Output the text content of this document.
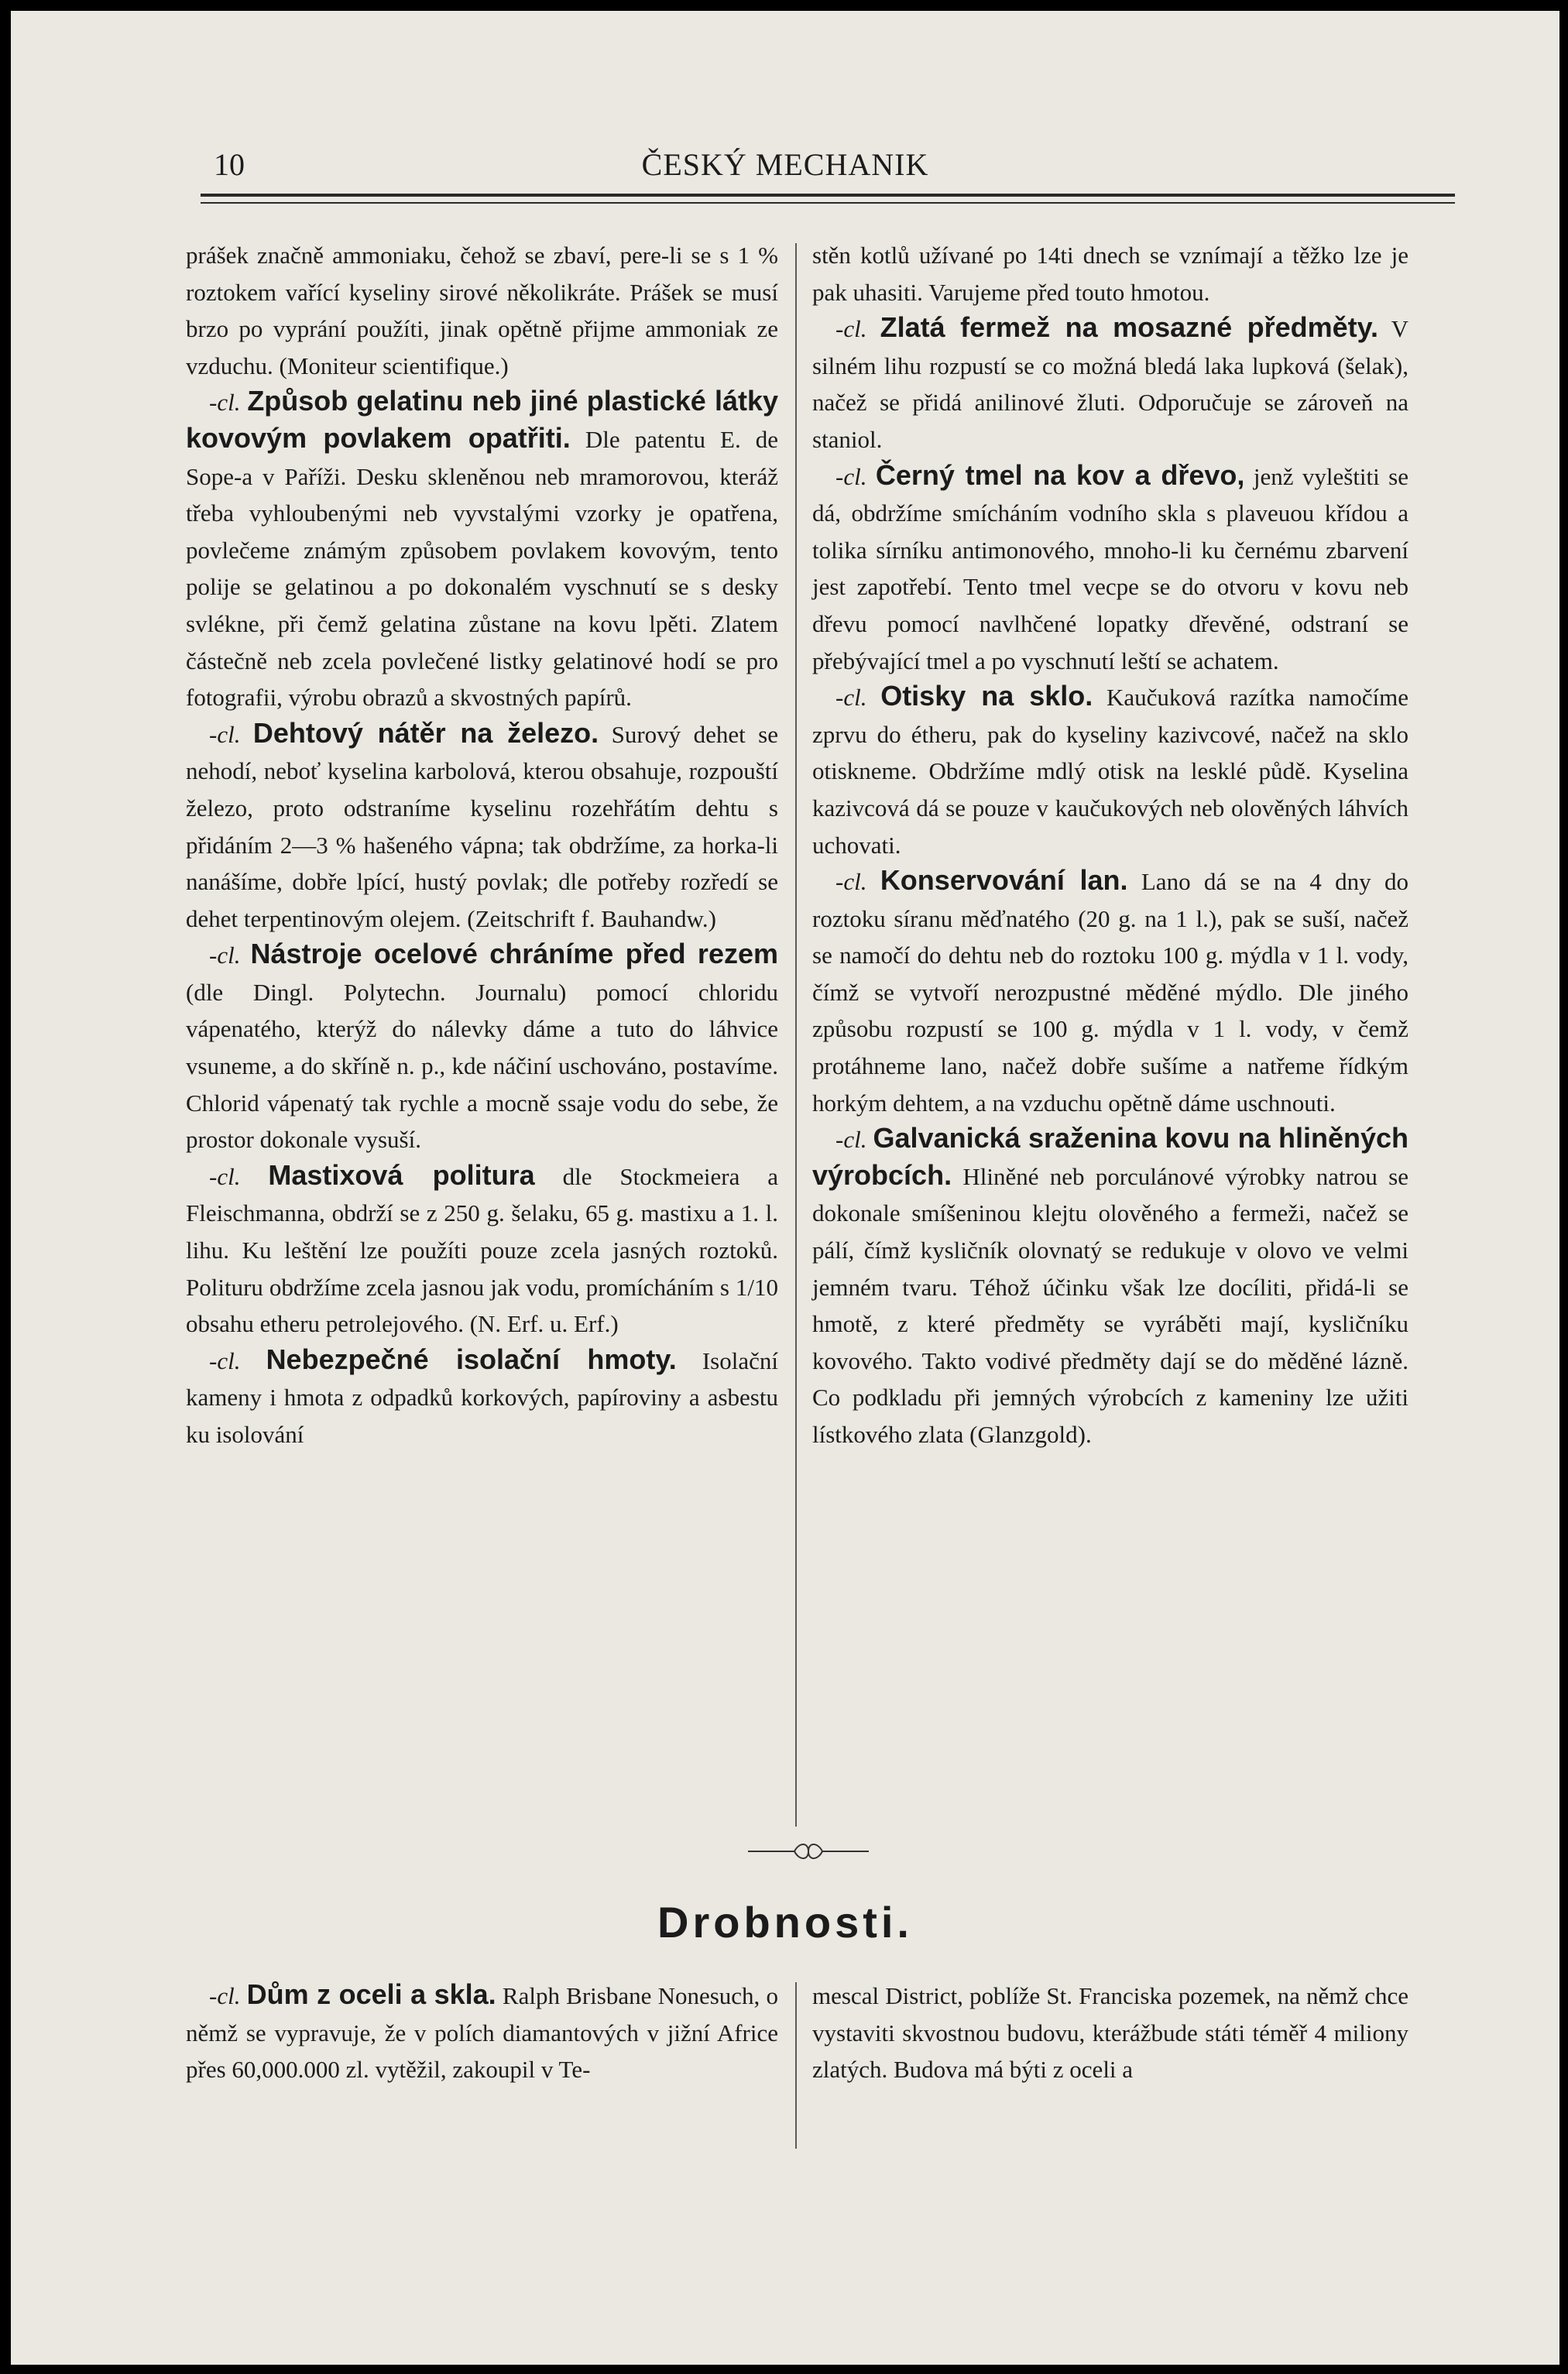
10	ČESKÝ MECHANIK

prášek značně ammoniaku, čehož se zbaví, pere-li se s 1 % roztokem vařící kyseliny sirové několikráte. Prášek se musí brzo po vyprání použíti, jinak opětně přijme ammoniak ze vzduchu. (Moniteur scientifique.)

-cl. Způsob gelatinu neb jiné plastické látky kovovým povlakem opatřiti. Dle patentu E. de Sope-a v Paříži. Desku skleněnou neb mramorovou, kteráž třeba vyhloubenými neb vyvstalými vzorky je opatřena, povlečeme známým způsobem povlakem kovovým, tento polije se gelatinou a po dokonalém vyschnutí se s desky svlékne, při čemž gelatina zůstane na kovu lpěti. Zlatem částečně neb zcela povlečené listky gelatinové hodí se pro fotografii, výrobu obrazů a skvostných papírů.

-cl. Dehtový nátěr na železo. Surový dehet se nehodí, neboť kyselina karbolová, kterou obsahuje, rozpouští železo, proto odstraníme kyselinu rozehřátím dehtu s přidáním 2—3 % hašeného vápna; tak obdržíme, za horka-li nanášíme, dobře lpící, hustý povlak; dle potřeby rozředí se dehet terpentinovým olejem. (Zeitschrift f. Bauhandw.)

-cl. Nástroje ocelové chráníme před rezem (dle Dingl. Polytechn. Journalu) pomocí chloridu vápenatého, kterýž do nálevky dáme a tuto do láhvice vsuneme, a do skříně n. p., kde náčiní uschováno, postavíme. Chlorid vápenatý tak rychle a mocně ssaje vodu do sebe, že prostor dokonale vysuší.

-cl. Mastixová politura dle Stockmeiera a Fleischmanna, obdrží se z 250 g. šelaku, 65 g. mastixu a 1. l. lihu. Ku leštění lze použíti pouze zcela jasných roztoků. Polituru obdržíme zcela jasnou jak vodu, promícháním s 1/10 obsahu etheru petrolejového. (N. Erf. u. Erf.)

-cl. Nebezpečné isolační hmoty. Isolační kameny i hmota z odpadků korkových, papíroviny a asbestu ku isolování

stěn kotlů užívané po 14ti dnech se vznímají a těžko lze je pak uhasiti. Varujeme před touto hmotou.

-cl. Zlatá fermež na mosazné předměty. V silném lihu rozpustí se co možná bledá laka lupková (šelak), načež se přidá anilinové žluti. Odporučuje se zároveň na staniol.

-cl. Černý tmel na kov a dřevo, jenž vyleštiti se dá, obdržíme smícháním vodního skla s plaveuou křídou a tolika sírníku antimonového, mnoho-li ku černému zbarvení jest zapotřebí. Tento tmel vecpe se do otvoru v kovu neb dřevu pomocí navlhčené lopatky dřevěné, odstraní se přebývající tmel a po vyschnutí leští se achatem.

-cl. Otisky na sklo. Kaučuková razítka namočíme zprvu do étheru, pak do kyseliny kazivcové, načež na sklo otiskneme. Obdržíme mdlý otisk na lesklé půdě. Kyselina kazivcová dá se pouze v kaučukových neb olověných láhvích uchovati.

-cl. Konservování lan. Lano dá se na 4 dny do roztoku síranu měďnatého (20 g. na 1 l.), pak se suší, načež se namočí do dehtu neb do roztoku 100 g. mýdla v 1 l. vody, čímž se vytvoří nerozpustné měděné mýdlo. Dle jiného způsobu rozpustí se 100 g. mýdla v 1 l. vody, v čemž protáhneme lano, načež dobře sušíme a natřeme řídkým horkým dehtem, a na vzduchu opětně dáme uschnouti.

-cl. Galvanická sraženina kovu na hliněných výrobcích. Hliněné neb porculánové výrobky natrou se dokonale smíšeninou klejtu olověného a fermeži, načež se pálí, čímž kysličník olovnatý se redukuje v olovo ve velmi jemném tvaru. Téhož účinku však lze docíliti, přidá-li se hmotě, z které předměty se vyráběti mají, kysličníku kovového. Takto vodivé předměty dají se do měděné lázně. Co podkladu při jemných výrobcích z kameniny lze užiti lístkového zlata (Glanzgold).

Drobnosti.

-cl. Dům z oceli a skla. Ralph Brisbane Nonesuch, o němž se vypravuje, že v polích diamantových v jižní Africe přes 60,000.000 zl. vytěžil, zakoupil v Te-

mescal District, poblíže St. Franciska pozemek, na němž chce vystaviti skvostnou budovu, kterážbude státi téměř 4 miliony zlatých. Budova má býti z oceli a
